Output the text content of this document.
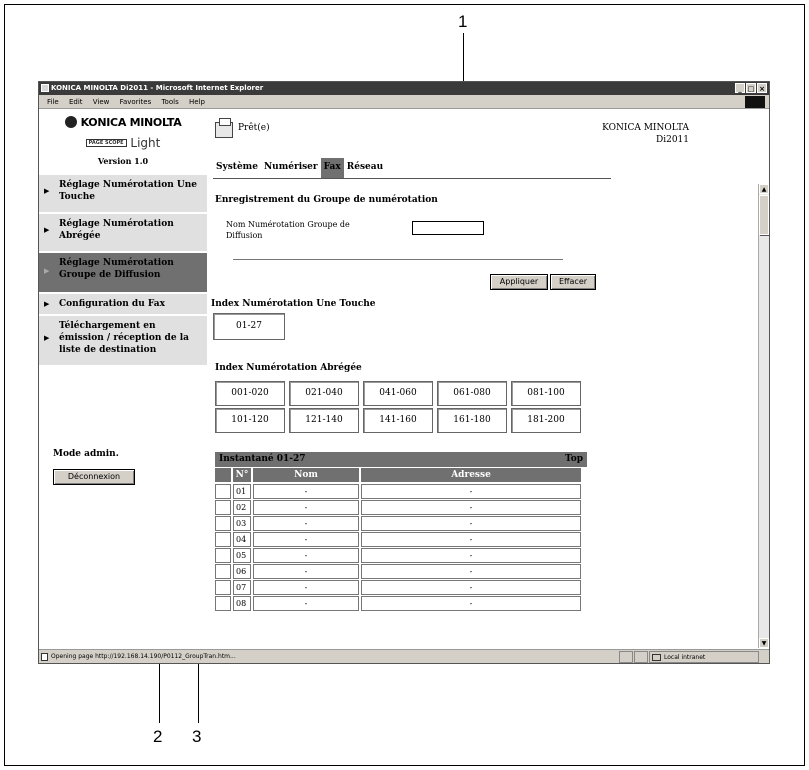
1
2 3
KONICA MINOLTA Di2011 - Microsoft Internet Explorer	_ □ ×
File Edit View Favorites Tools Help
KONICA MINOLTA
PAGE SCOPE Light
Version 1.0
▶
Réglage Numérotation Une Touche
▶
Réglage Numérotation Abrégée
▶
Réglage Numérotation Groupe de Diffusion
▶ Configuration du Fax
▶
Téléchargement en émission / réception de la liste de destination
Mode admin.
Déconnexion
Prêt(e)	KONICA MINOLTA
Di2011
Système Numériser Fax Réseau
Enregistrement du Groupe de numérotation
Nom Numérotation Groupe de Diffusion
Appliquer	Effacer
Index Numérotation Une Touche
01-27
Index Numérotation Abrégée
001-020	021-040	041-060	061-080	081-100
101-120	121-140	141-160	161-180	181-200
Instantané 01-27	Top
N°	Nom	Adresse
01	-	-
02	-	-
03	-	-
04	-	-
05	-	-
06	-	-
07	-	-
08	-	-
▲
▼
Opening page http://192.168.14.190/P0112_GroupTran.htm...	Local intranet
